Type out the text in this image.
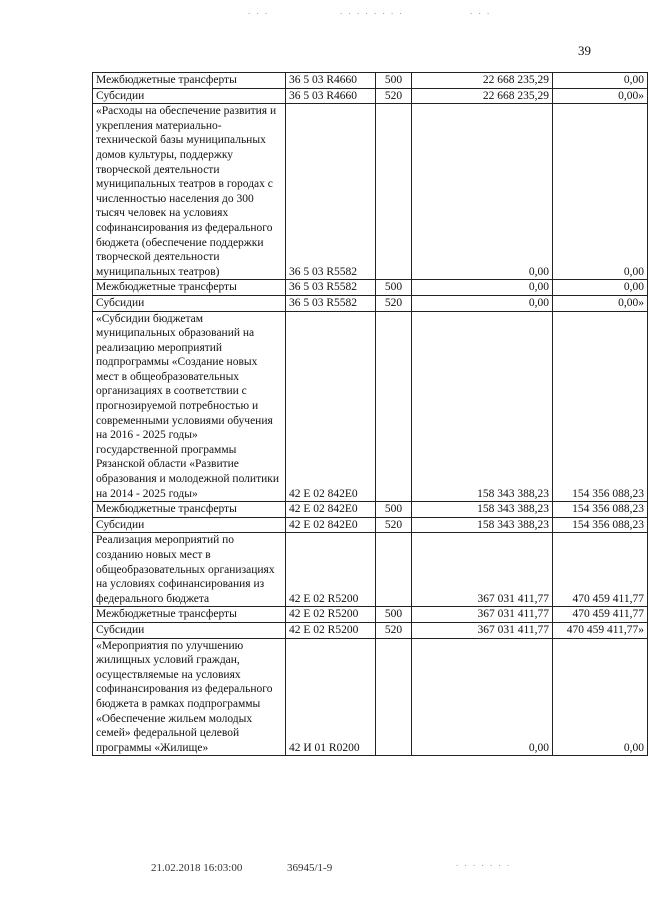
. . .	. . . . . . . .	. . .
. . . . . . .
39
Межбюджетные трансферты	36 5 03 R4660	500	22 668 235,29	0,00
Субсидии	36 5 03 R4660	520	22 668 235,29	0,00»
«Расходы на обеспечение развития и укрепления материально-технической базы муниципальных домов культуры, поддержку творческой деятельности муниципальных театров в городах с численностью населения до 300 тысяч человек на условиях софинансирования из федерального бюджета (обеспечение поддержки творческой деятельности муниципальных театров)	36 5 03 R5582		0,00	0,00
Межбюджетные трансферты	36 5 03 R5582	500	0,00	0,00
Субсидии	36 5 03 R5582	520	0,00	0,00»
«Субсидии бюджетам муниципальных образований на реализацию мероприятий подпрограммы «Создание новых мест в общеобразовательных организациях в соответствии с прогнозируемой потребностью и современными условиями обучения на 2016 - 2025 годы» государственной программы Рязанской области «Развитие образования и молодежной политики на 2014 - 2025 годы»	42 Е 02 842Е0		158 343 388,23	154 356 088,23
Межбюджетные трансферты	42 Е 02 842Е0	500	158 343 388,23	154 356 088,23
Субсидии	42 Е 02 842Е0	520	158 343 388,23	154 356 088,23
Реализация мероприятий по созданию новых мест в общеобразовательных организациях на условиях софинансирования из федерального бюджета	42 Е 02 R5200		367 031 411,77	470 459 411,77
Межбюджетные трансферты	42 Е 02 R5200	500	367 031 411,77	470 459 411,77
Субсидии	42 Е 02 R5200	520	367 031 411,77	470 459 411,77»
«Мероприятия по улучшению жилищных условий граждан, осуществляемые на условиях софинансирования из федерального бюджета в рамках подпрограммы «Обеспечение жильем молодых семей» федеральной целевой программы «Жилище»	42 И 01 R0200		0,00	0,00
21.02.2018 16:03:00	36945/1-9
